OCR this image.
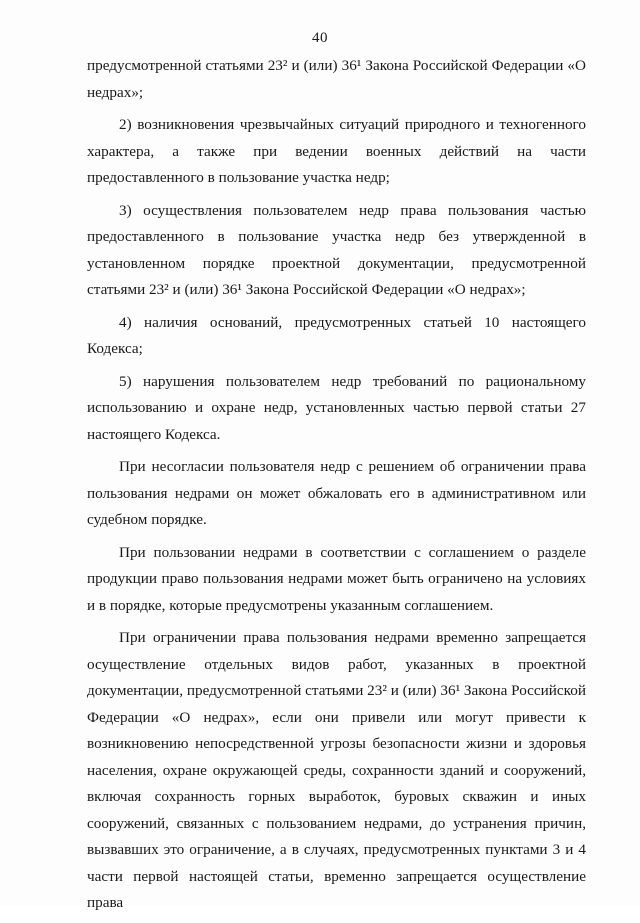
40

предусмотренной статьями 23² и (или) 36¹ Закона Российской Федерации «О недрах»;

2) возникновения чрезвычайных ситуаций природного и техногенного характера, а также при ведении военных действий на части предоставленного в пользование участка недр;

3) осуществления пользователем недр права пользования частью предоставленного в пользование участка недр без утвержденной в установленном порядке проектной документации, предусмотренной статьями 23² и (или) 36¹ Закона Российской Федерации «О недрах»;

4) наличия оснований, предусмотренных статьей 10 настоящего Кодекса;

5) нарушения пользователем недр требований по рациональному использованию и охране недр, установленных частью первой статьи 27 настоящего Кодекса.

При несогласии пользователя недр с решением об ограничении права пользования недрами он может обжаловать его в административном или судебном порядке.

При пользовании недрами в соответствии с соглашением о разделе продукции право пользования недрами может быть ограничено на условиях и в порядке, которые предусмотрены указанным соглашением.

При ограничении права пользования недрами временно запрещается осуществление отдельных видов работ, указанных в проектной документации, предусмотренной статьями 23² и (или) 36¹ Закона Российской Федерации «О недрах», если они привели или могут привести к возникновению непосредственной угрозы безопасности жизни и здоровья населения, охране окружающей среды, сохранности зданий и сооружений, включая сохранность горных выработок, буровых скважин и иных сооружений, связанных с пользованием недрами, до устранения причин, вызвавших это ограничение, а в случаях, предусмотренных пунктами 3 и 4 части первой настоящей статьи, временно запрещается осуществление права
